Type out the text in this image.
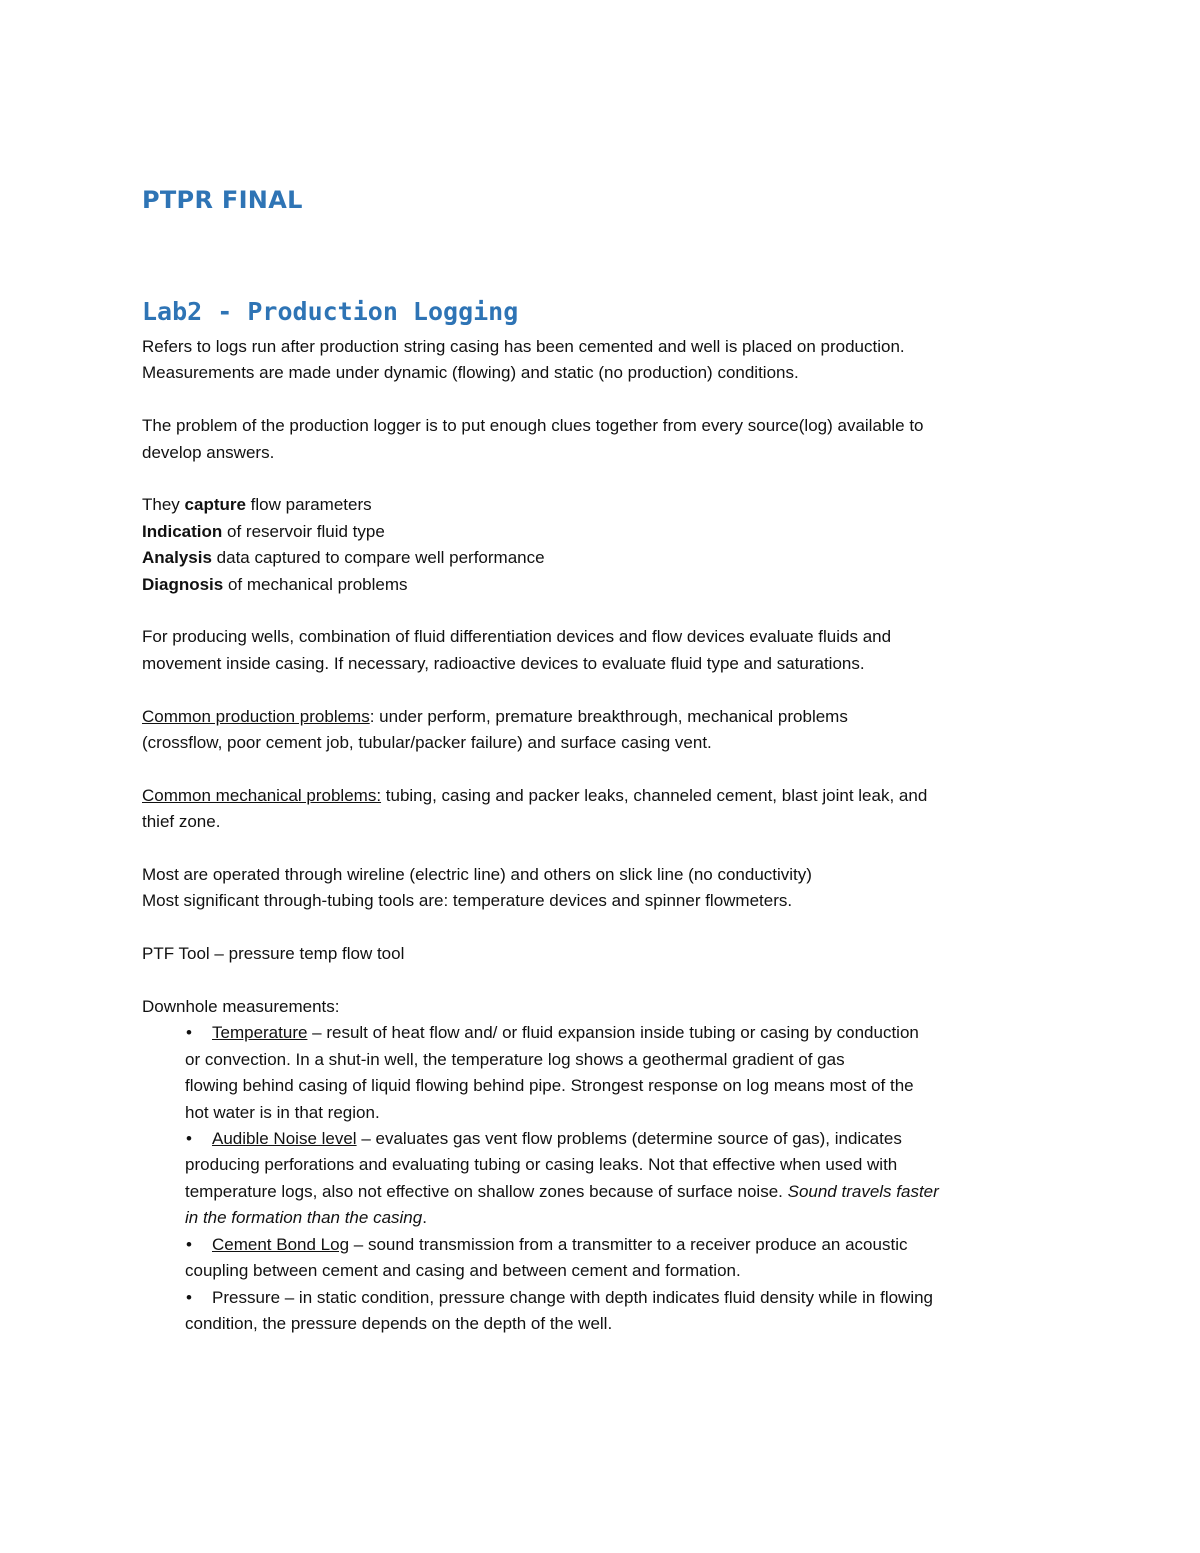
PTPR FINAL
Lab2 - Production Logging

Refers to logs run after production string casing has been cemented and well is placed on production.

Measurements are made under dynamic (flowing) and static (no production) conditions.

The problem of the production logger is to put enough clues together from every source(log) available to

develop answers.

They capture flow parameters

Indication of reservoir fluid type

Analysis data captured to compare well performance

Diagnosis of mechanical problems

For producing wells, combination of fluid differentiation devices and flow devices evaluate fluids and

movement inside casing. If necessary, radioactive devices to evaluate fluid type and saturations.

Common production problems: under perform, premature breakthrough, mechanical problems

(crossflow, poor cement job, tubular/packer failure) and surface casing vent.

Common mechanical problems: tubing, casing and packer leaks, channeled cement, blast joint leak, and

thief zone.

Most are operated through wireline (electric line) and others on slick line (no conductivity)

Most significant through-tubing tools are: temperature devices and spinner flowmeters.

PTF Tool – pressure temp flow tool

Downhole measurements:

•	Temperature – result of heat flow and/ or fluid expansion inside tubing or casing by conduction

or convection. In a shut-in well, the temperature log shows a geothermal gradient of gas

flowing behind casing of liquid flowing behind pipe. Strongest response on log means most of the

hot water is in that region.

•	Audible Noise level – evaluates gas vent flow problems (determine source of gas), indicates

producing perforations and evaluating tubing or casing leaks. Not that effective when used with

temperature logs, also not effective on shallow zones because of surface noise. Sound travels faster

in the formation than the casing.

•	Cement Bond Log – sound transmission from a transmitter to a receiver produce an acoustic

coupling between cement and casing and between cement and formation.

•	Pressure – in static condition, pressure change with depth indicates fluid density while in flowing

condition, the pressure depends on the depth of the well.
